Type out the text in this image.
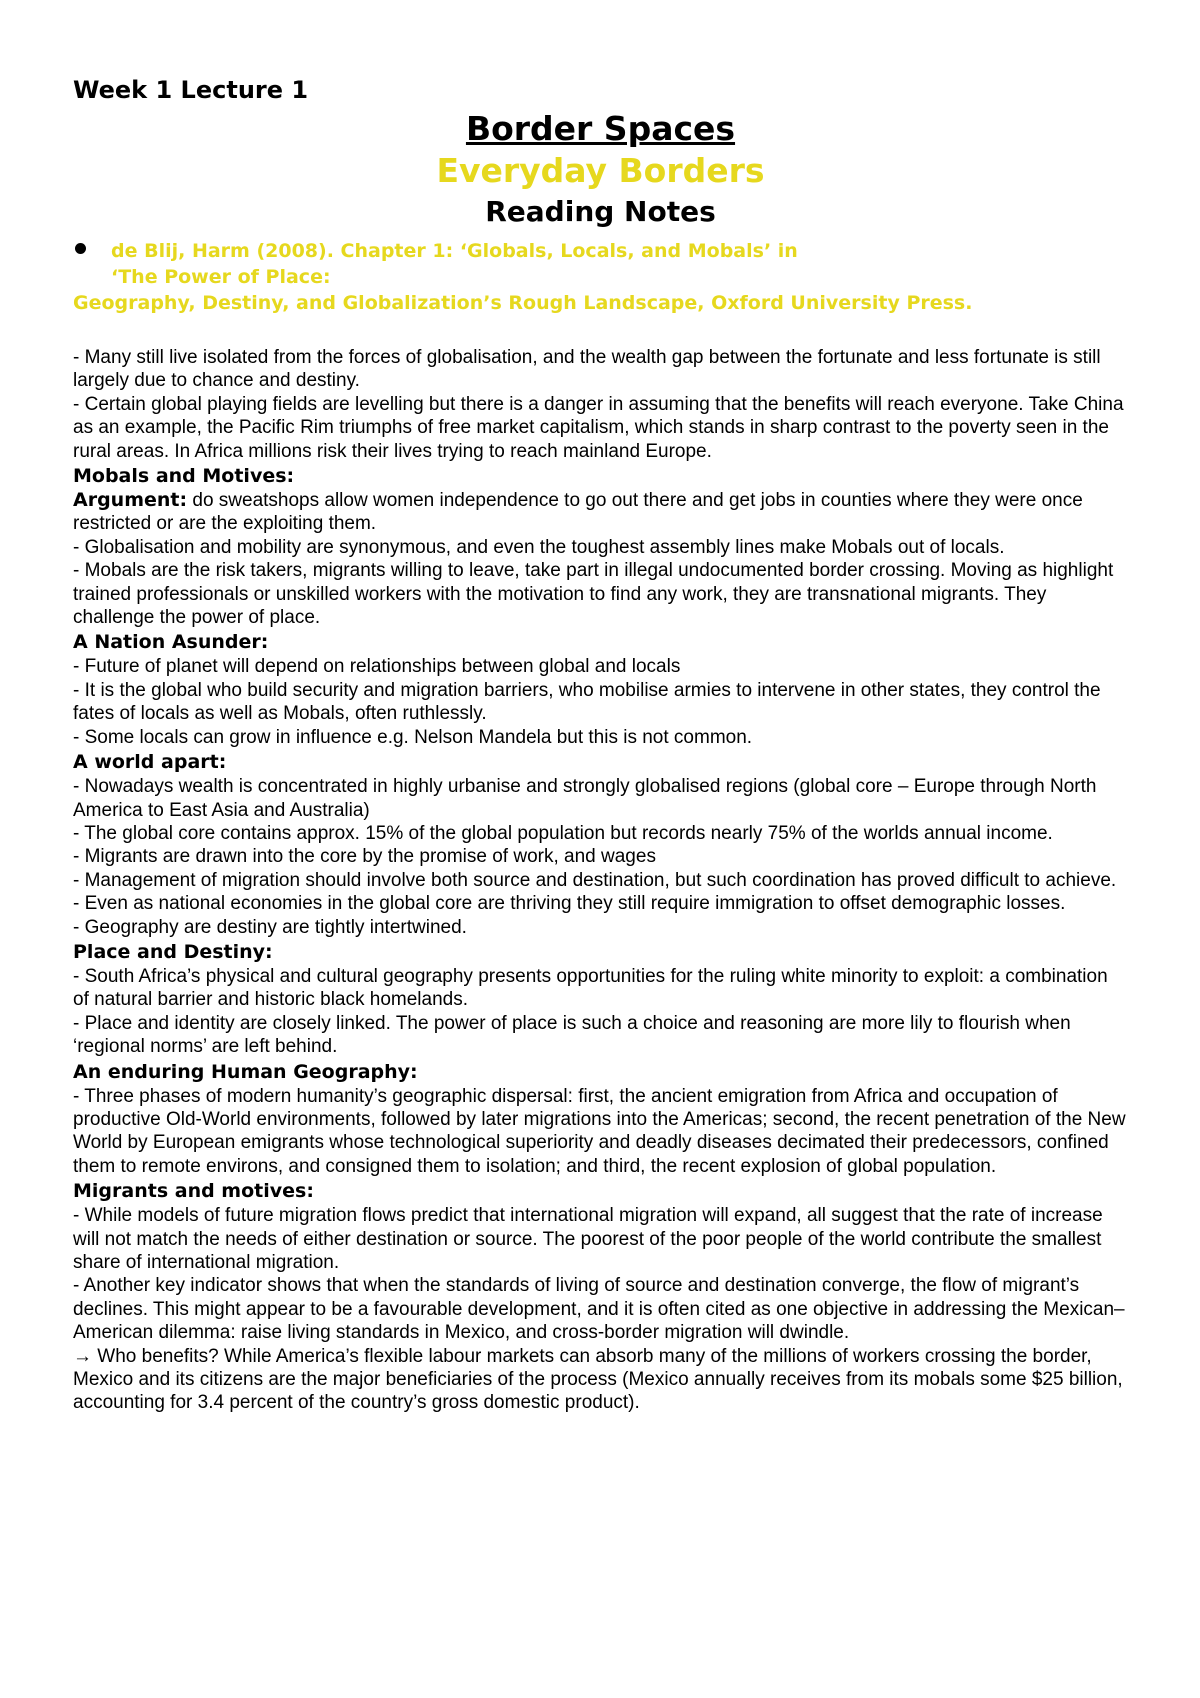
Week 1 Lecture 1
Border Spaces
Everyday Borders
Reading Notes
de Blij, Harm (2008). Chapter 1: ‘Globals, Locals, and Mobals’ in
‘The Power of Place:
Geography, Destiny, and Globalization’s Rough Landscape, Oxford University Press.

- Many still live isolated from the forces of globalisation, and the wealth gap between the fortunate and less fortunate is still largely due to chance and destiny.

- Certain global playing fields are levelling but there is a danger in assuming that the benefits will reach everyone. Take China as an example, the Pacific Rim triumphs of free market capitalism, which stands in sharp contrast to the poverty seen in the rural areas. In Africa millions risk their lives trying to reach mainland Europe.

Mobals and Motives:

Argument: do sweatshops allow women independence to go out there and get jobs in counties where they were once restricted or are the exploiting them.

- Globalisation and mobility are synonymous, and even the toughest assembly lines make Mobals out of locals.

- Mobals are the risk takers, migrants willing to leave, take part in illegal undocumented border crossing. Moving as highlight trained professionals or unskilled workers with the motivation to find any work, they are transnational migrants. They challenge the power of place.

A Nation Asunder:

- Future of planet will depend on relationships between global and locals

- It is the global who build security and migration barriers, who mobilise armies to intervene in other states, they control the fates of locals as well as Mobals, often ruthlessly.

- Some locals can grow in influence e.g. Nelson Mandela but this is not common.

A world apart:

- Nowadays wealth is concentrated in highly urbanise and strongly globalised regions (global core – Europe through North America to East Asia and Australia)

- The global core contains approx. 15% of the global population but records nearly 75% of the worlds annual income.

- Migrants are drawn into the core by the promise of work, and wages

- Management of migration should involve both source and destination, but such coordination has proved difficult to achieve.

- Even as national economies in the global core are thriving they still require immigration to offset demographic losses.

- Geography are destiny are tightly intertwined.

Place and Destiny:

- South Africa’s physical and cultural geography presents opportunities for the ruling white minority to exploit: a combination of natural barrier and historic black homelands.

- Place and identity are closely linked. The power of place is such a choice and reasoning are more lily to flourish when ‘regional norms’ are left behind.

An enduring Human Geography:

- Three phases of modern humanity’s geographic dispersal: first, the ancient emigration from Africa and occupation of productive Old-World environments, followed by later migrations into the Americas; second, the recent penetration of the New World by European emigrants whose technological superiority and deadly diseases decimated their predecessors, confined them to remote environs, and consigned them to isolation; and third, the recent explosion of global population.

Migrants and motives:

- While models of future migration flows predict that international migration will expand, all suggest that the rate of increase will not match the needs of either destination or source. The poorest of the poor people of the world contribute the smallest share of international migration.

- Another key indicator shows that when the standards of living of source and destination converge, the flow of migrant’s declines. This might appear to be a favourable development, and it is often cited as one objective in addressing the Mexican–American dilemma: raise living standards in Mexico, and cross-border migration will dwindle.

→ Who benefits? While America’s flexible labour markets can absorb many of the millions of workers crossing the border, Mexico and its citizens are the major beneficiaries of the process (Mexico annually receives from its mobals some $25 billion, accounting for 3.4 percent of the country’s gross domestic product).
